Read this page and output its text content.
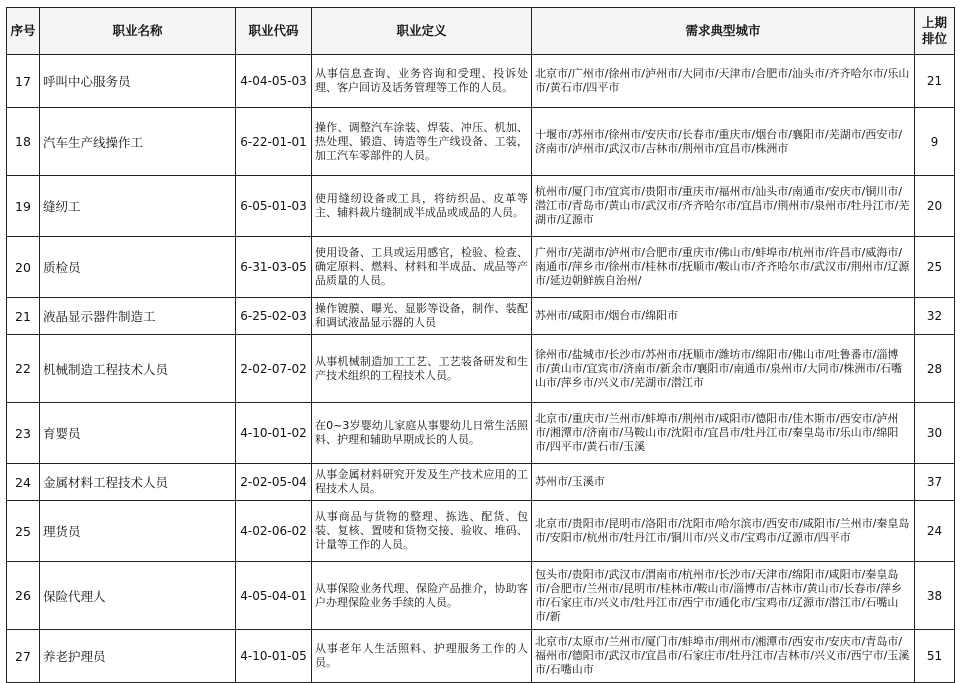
序号	职业名称	职业代码	职业定义	需求典型城市	上期排位
17	呼叫中心服务员	4-04-05-03	从事信息查询、业务咨询和受理、投诉处理、客户回访及话务管理等工作的人员。	北京市/广州市/徐州市/泸州市/大同市/天津市/合肥市/汕头市/齐齐哈尔市/乐山市/黄石市/四平市	21
18	汽车生产线操作工	6-22-01-01	操作、调整汽车涂装、焊装、冲压、机加、热处理、锻造、铸造等生产线设备、工装，加工汽车零部件的人员。	十堰市/苏州市/徐州市/安庆市/长春市/重庆市/烟台市/襄阳市/芜湖市/西安市/济南市/泸州市/武汉市/吉林市/荆州市/宜昌市/株洲市	9
19	缝纫工	6-05-01-03	使用缝纫设备或工具，将纺织品、皮革等主、辅料裁片缝制成半成品或成品的人员。	杭州市/厦门市/宜宾市/贵阳市/重庆市/福州市/汕头市/南通市/安庆市/铜川市/潜江市/青岛市/黄山市/武汉市/齐齐哈尔市/宜昌市/荆州市/泉州市/牡丹江市/芜湖市/辽源市	20
20	质检员	6-31-03-05	使用设备、工具或运用感官，检验、检查、确定原料、燃料、材料和半成品、成品等产品质量的人员。	广州市/芜湖市/泸州市/合肥市/重庆市/佛山市/蚌埠市/杭州市/许昌市/威海市/南通市/萍乡市/徐州市/桂林市/抚顺市/鞍山市/齐齐哈尔市/武汉市/荆州市/辽源市/延边朝鲜族自治州/	25
21	液晶显示器件制造工	6-25-02-03	操作镀膜、曝光、显影等设备，制作、装配和调试液晶显示器的人员	苏州市/咸阳市/烟台市/绵阳市	32
22	机械制造工程技术人员	2-02-07-02	从事机械制造加工工艺、工艺装备研发和生产技术组织的工程技术人员。	徐州市/盐城市/长沙市/苏州市/抚顺市/潍坊市/绵阳市/佛山市/吐鲁番市/淄博市/黄山市/宜宾市/济南市/新余市/襄阳市/南通市/泉州市/大同市/株洲市/石嘴山市/萍乡市/兴义市/芜湖市/潜江市	28
23	育婴员	4-10-01-02	在0~3岁婴幼儿家庭从事婴幼儿日常生活照料、护理和辅助早期成长的人员。	北京市/重庆市/兰州市/蚌埠市/荆州市/咸阳市/德阳市/佳木斯市/西安市/泸州市/湘潭市/济南市/马鞍山市/沈阳市/宜昌市/牡丹江市/秦皇岛市/乐山市/绵阳市/四平市/黄石市/玉溪	30
24	金属材料工程技术人员	2-02-05-04	从事金属材料研究开发及生产技术应用的工程技术人员。	苏州市/玉溪市	37
25	理货员	4-02-06-02	从事商品与货物的整理、拣选、配货、包装、复核、置唛和货物交接、验收、堆码、计量等工作的人员。	北京市/贵阳市/昆明市/洛阳市/沈阳市/哈尔滨市/西安市/咸阳市/兰州市/秦皇岛市/安阳市/杭州市/牡丹江市/铜川市/兴义市/宝鸡市/辽源市/四平市	24
26	保险代理人	4-05-04-01	从事保险业务代理、保险产品推介，协助客户办理保险业务手续的人员。	包头市/贵阳市/武汉市/渭南市/杭州市/长沙市/天津市/绵阳市/咸阳市/秦皇岛市/合肥市/兰州市/昆明市/桂林市/鞍山市/淄博市/吉林市/黄山市/长春市/萍乡市/石家庄市/兴义市/牡丹江市/西宁市/通化市/宝鸡市/辽源市/潜江市/石嘴山市/新	38
27	养老护理员	4-10-01-05	从事老年人生活照料、护理服务工作的人员。	北京市/太原市/兰州市/厦门市/蚌埠市/荆州市/湘潭市/西安市/安庆市/青岛市/福州市/德阳市/武汉市/宜昌市/石家庄市/牡丹江市/吉林市/兴义市/西宁市/玉溪市/石嘴山市	51
